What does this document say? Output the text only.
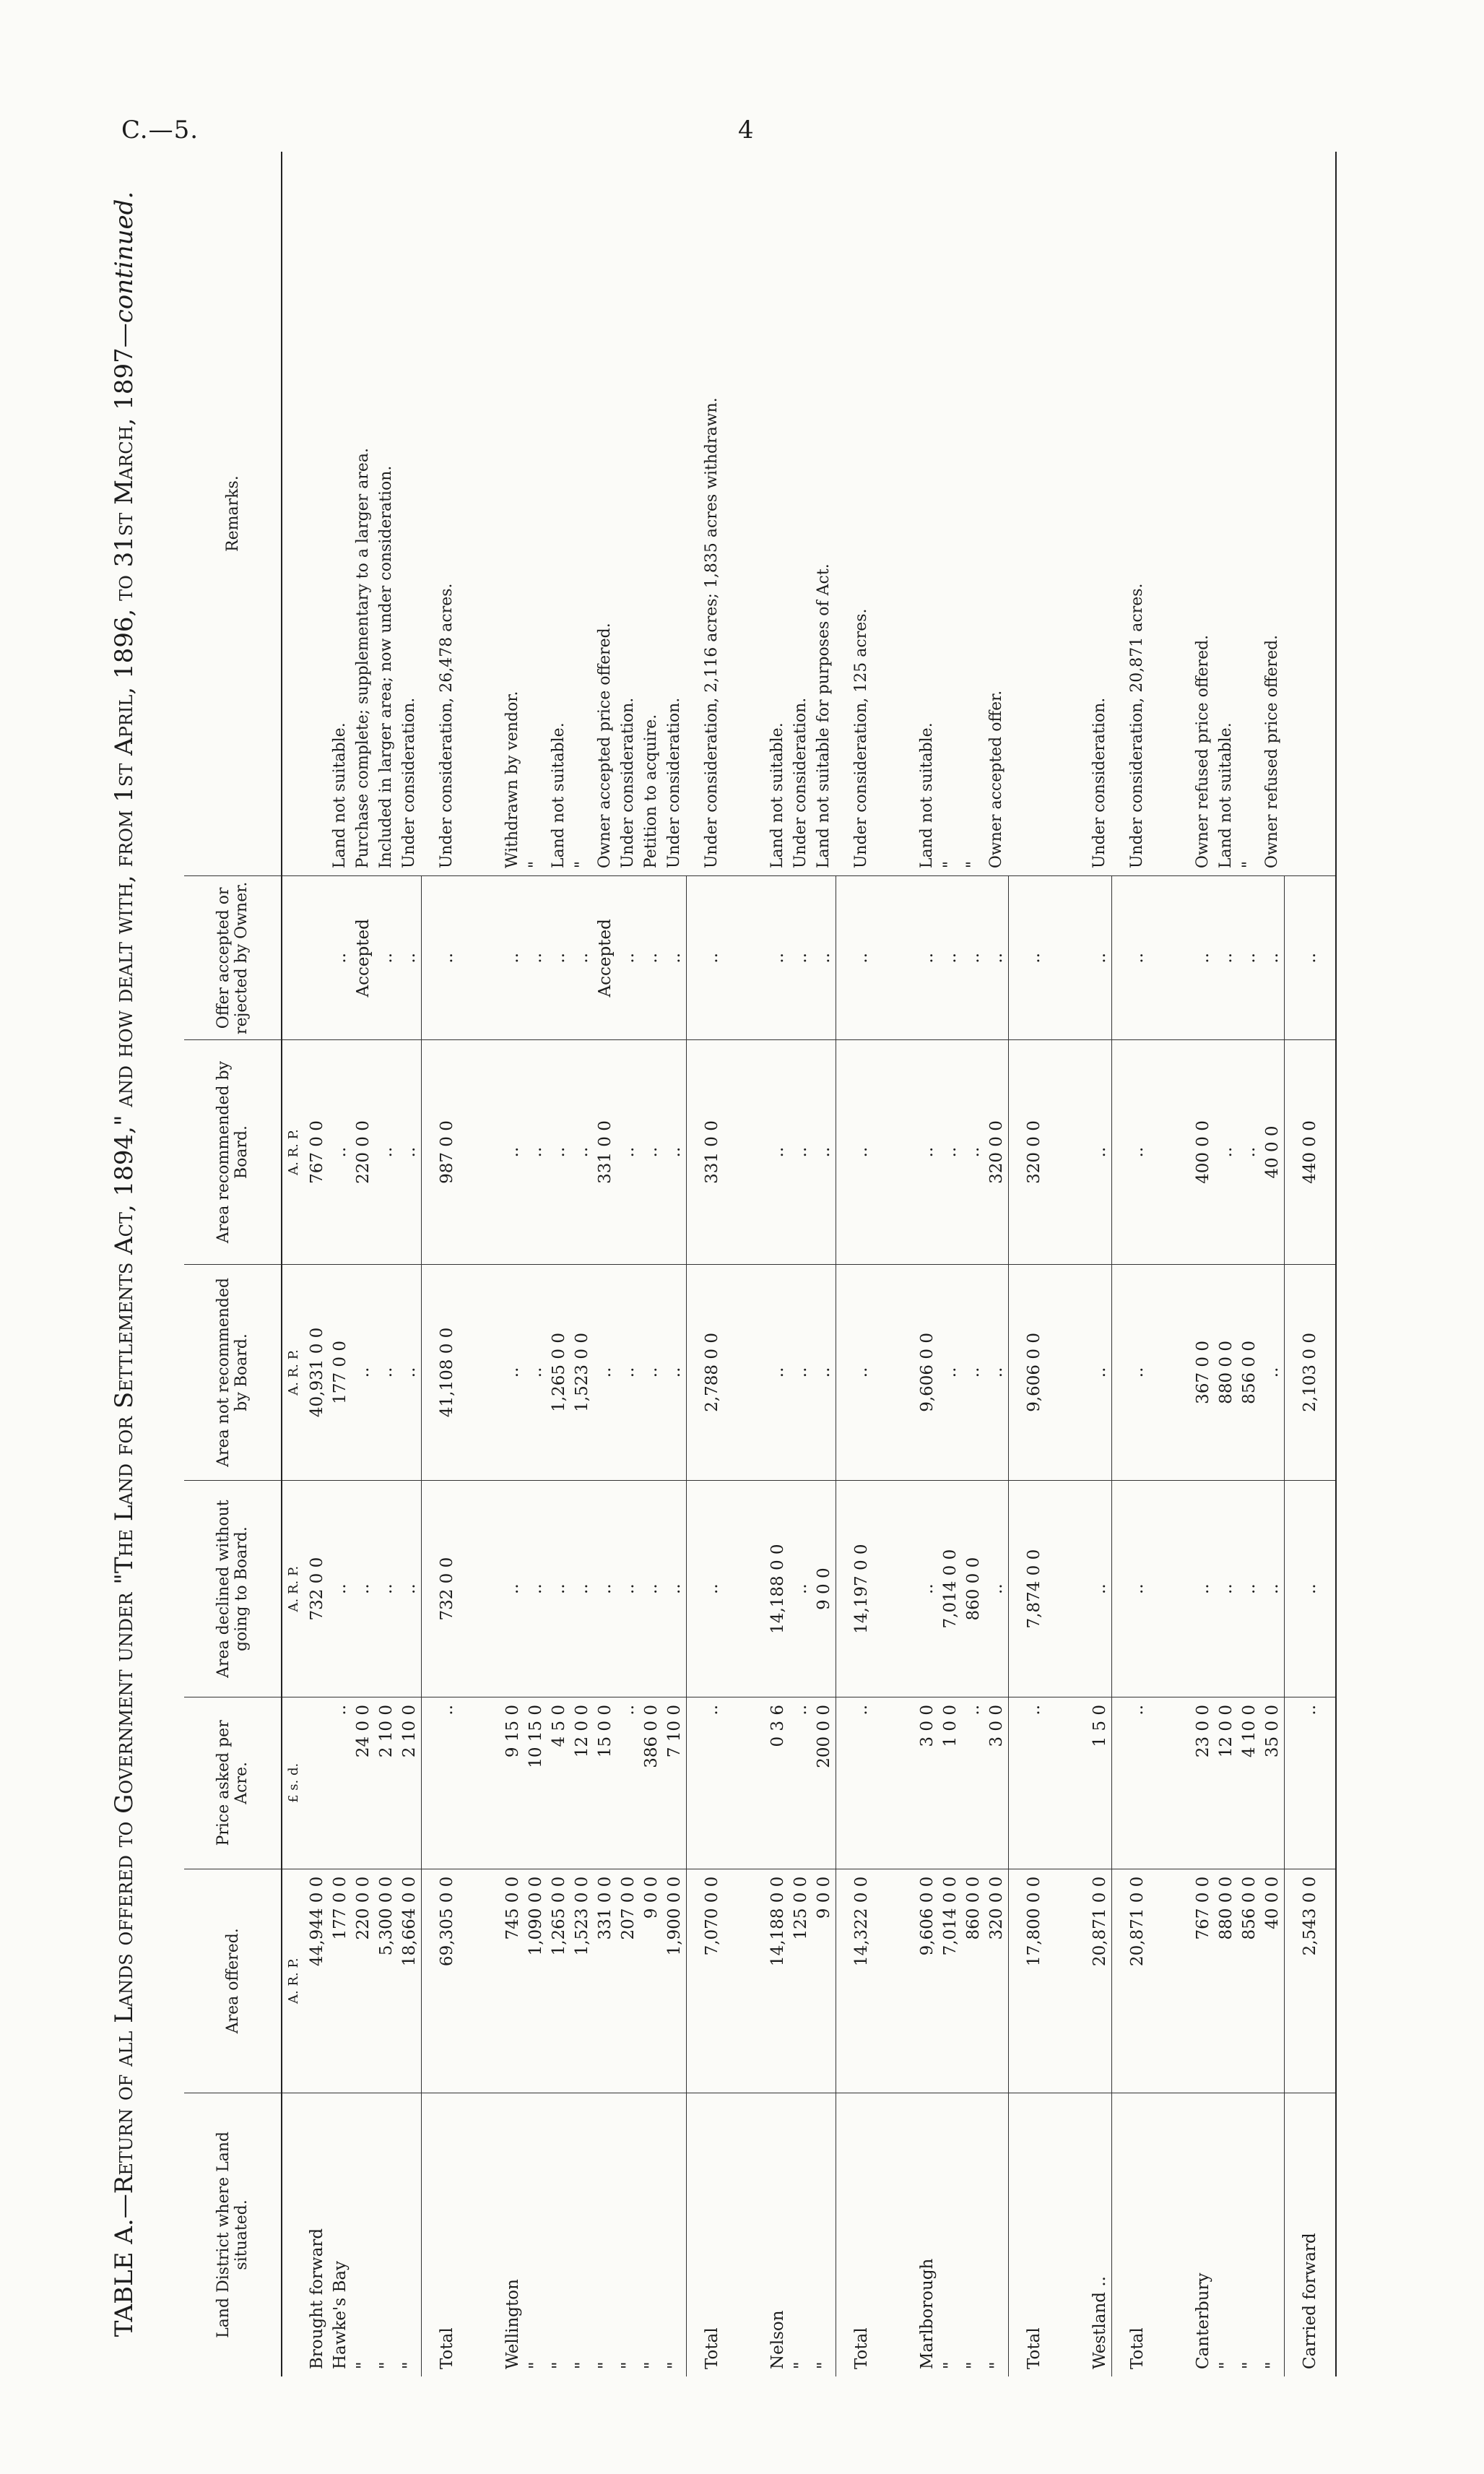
C.—5.	4
TABLE A.—Return of all Lands offered to Government under "The Land for Settlements Act, 1894," and how dealt with, from 1st April, 1896, to 31st March, 1897—continued.
Land District where Land situated.	Area offered.	Price asked per Acre.	Area declined without going to Board.	Area not recommended by Board.	Area recommended by Board.	Offer accepted or rejected by Owner.	Remarks.
	A. R. P.	£ s. d.	A. R. P.	A. R. P.	A. R. P.		
Brought forward	44,944 0 0		732 0 0	40,931 0 0	767 0 0		
Hawke's Bay	177 0 0	..	..	177 0 0	..	..	Land not suitable.
"	220 0 0	24 0 0	..	..	220 0 0	Accepted	Purchase complete; supplementary to a larger area.
"	5,300 0 0	2 10 0	..	..	..	..	Included in larger area; now under consideration.
"	18,664 0 0	2 10 0	..	..	..	..	Under consideration.
Total	69,305 0 0	..	732 0 0	41,108 0 0	987 0 0	..	Under consideration, 26,478 acres.

Wellington	745 0 0	9 15 0	..	..	..	..	Withdrawn by vendor.
"	1,090 0 0	10 15 0	..	..	..	..	"
"	1,265 0 0	4 5 0	..	1,265 0 0	..	..	Land not suitable.
"	1,523 0 0	12 0 0	..	1,523 0 0	..	..	"
"	331 0 0	15 0 0	..	..	331 0 0	Accepted	Owner accepted price offered.
"	207 0 0	..	..	..	..	..	Under consideration.
"	9 0 0	386 0 0	..	..	..	..	Petition to acquire.
"	1,900 0 0	7 10 0	..	..	..	..	Under consideration.
Total	7,070 0 0	..	..	2,788 0 0	331 0 0	..	Under consideration, 2,116 acres; 1,835 acres withdrawn.

Nelson	14,188 0 0	0 3 6	14,188 0 0	..	..	..	Land not suitable.
"	125 0 0	..	..	..	..	..	Under consideration.
"	9 0 0	200 0 0	9 0 0	..	..	..	Land not suitable for purposes of Act.
Total	14,322 0 0	..	14,197 0 0	..	..	..	Under consideration, 125 acres.

Marlborough	9,606 0 0	3 0 0	..	9,606 0 0	..	..	Land not suitable.
"	7,014 0 0	1 0 0	7,014 0 0	..	..	..	"
"	860 0 0	..	860 0 0	..	..	..	"
"	320 0 0	3 0 0	..	..	320 0 0	..	Owner accepted offer.
Total	17,800 0 0	..	7,874 0 0	9,606 0 0	320 0 0	..	

Westland ..	20,871 0 0	1 5 0	..	..	..	..	Under consideration.
Total	20,871 0 0	..	..	..	..	..	Under consideration, 20,871 acres.

Canterbury	767 0 0	23 0 0	..	367 0 0	400 0 0	..	Owner refused price offered.
"	880 0 0	12 0 0	..	880 0 0	..	..	Land not suitable.
"	856 0 0	4 10 0	..	856 0 0	..	..	"
"	40 0 0	35 0 0	..	..	40 0 0	..	Owner refused price offered.
Carried forward	2,543 0 0	..	..	2,103 0 0	440 0 0	..	
